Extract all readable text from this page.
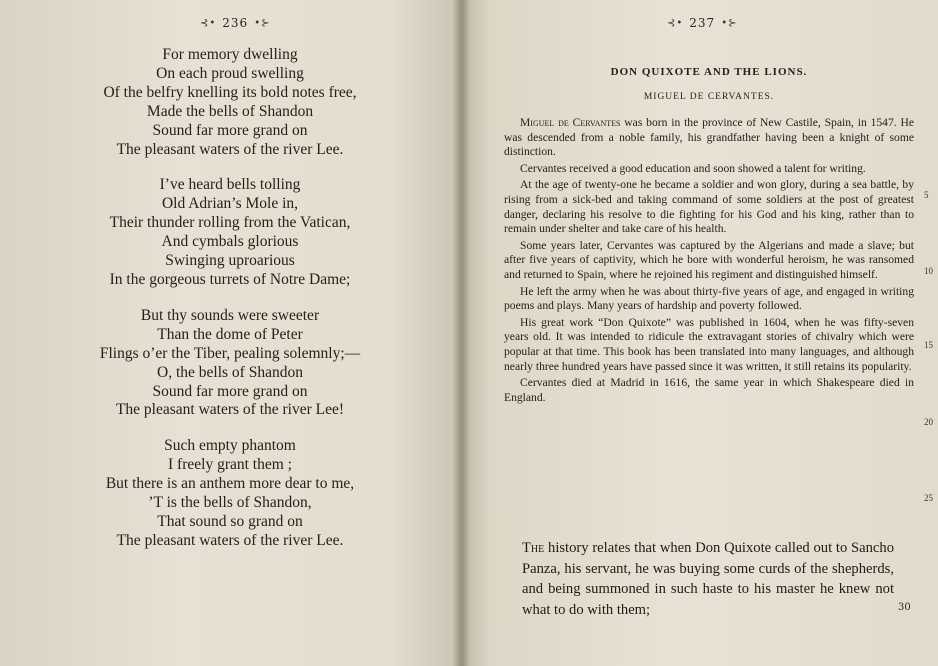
⊰• 236 •⊱
For memory dwelling
On each proud swelling
Of the belfry knelling its bold notes free,
Made the bells of Shandon
Sound far more grand on
The pleasant waters of the river Lee.
I’ve heard bells tolling
Old Adrian’s Mole in,
Their thunder rolling from the Vatican,
And cymbals glorious
Swinging uproarious
In the gorgeous turrets of Notre Dame;
But thy sounds were sweeter
Than the dome of Peter
Flings o’er the Tiber, pealing solemnly;—
O, the bells of Shandon
Sound far more grand on
The pleasant waters of the river Lee!
Such empty phantom
I freely grant them ;
But there is an anthem more dear to me,
’T is the bells of Shandon,
That sound so grand on
The pleasant waters of the river Lee.
⊰• 237 •⊱
DON QUIXOTE AND THE LIONS.
MIGUEL DE CERVANTES.

Miguel de Cervantes was born in the province of New Castile, Spain, in 1547. He was descended from a noble family, his grandfather having been a knight of some distinction.

Cervantes received a good education and soon showed a talent for writing.

At the age of twenty-one he became a soldier and won glory, during a sea battle, by rising from a sick-bed and taking command of some soldiers at the post of greatest danger, declaring his resolve to die fighting for his God and his king, rather than to remain under shelter and take care of his health.

Some years later, Cervantes was captured by the Algerians and made a slave; but after five years of captivity, which he bore with wonderful heroism, he was ransomed and returned to Spain, where he rejoined his regiment and distinguished himself.

He left the army when he was about thirty-five years of age, and engaged in writing poems and plays. Many years of hardship and poverty followed.

His great work “Don Quixote” was published in 1604, when he was fifty-seven years old. It was intended to ridicule the extravagant stories of chivalry which were popular at that time. This book has been translated into many languages, and although nearly three hundred years have passed since it was written, it still retains its popularity.

Cervantes died at Madrid in 1616, the same year in which Shakespeare died in England.

5
10
15
20
25

The history relates that when Don Quixote called out to Sancho Panza, his servant, he was buying some curds of the shepherds, and being summoned in such haste to his master he knew not what to do with them;	30
